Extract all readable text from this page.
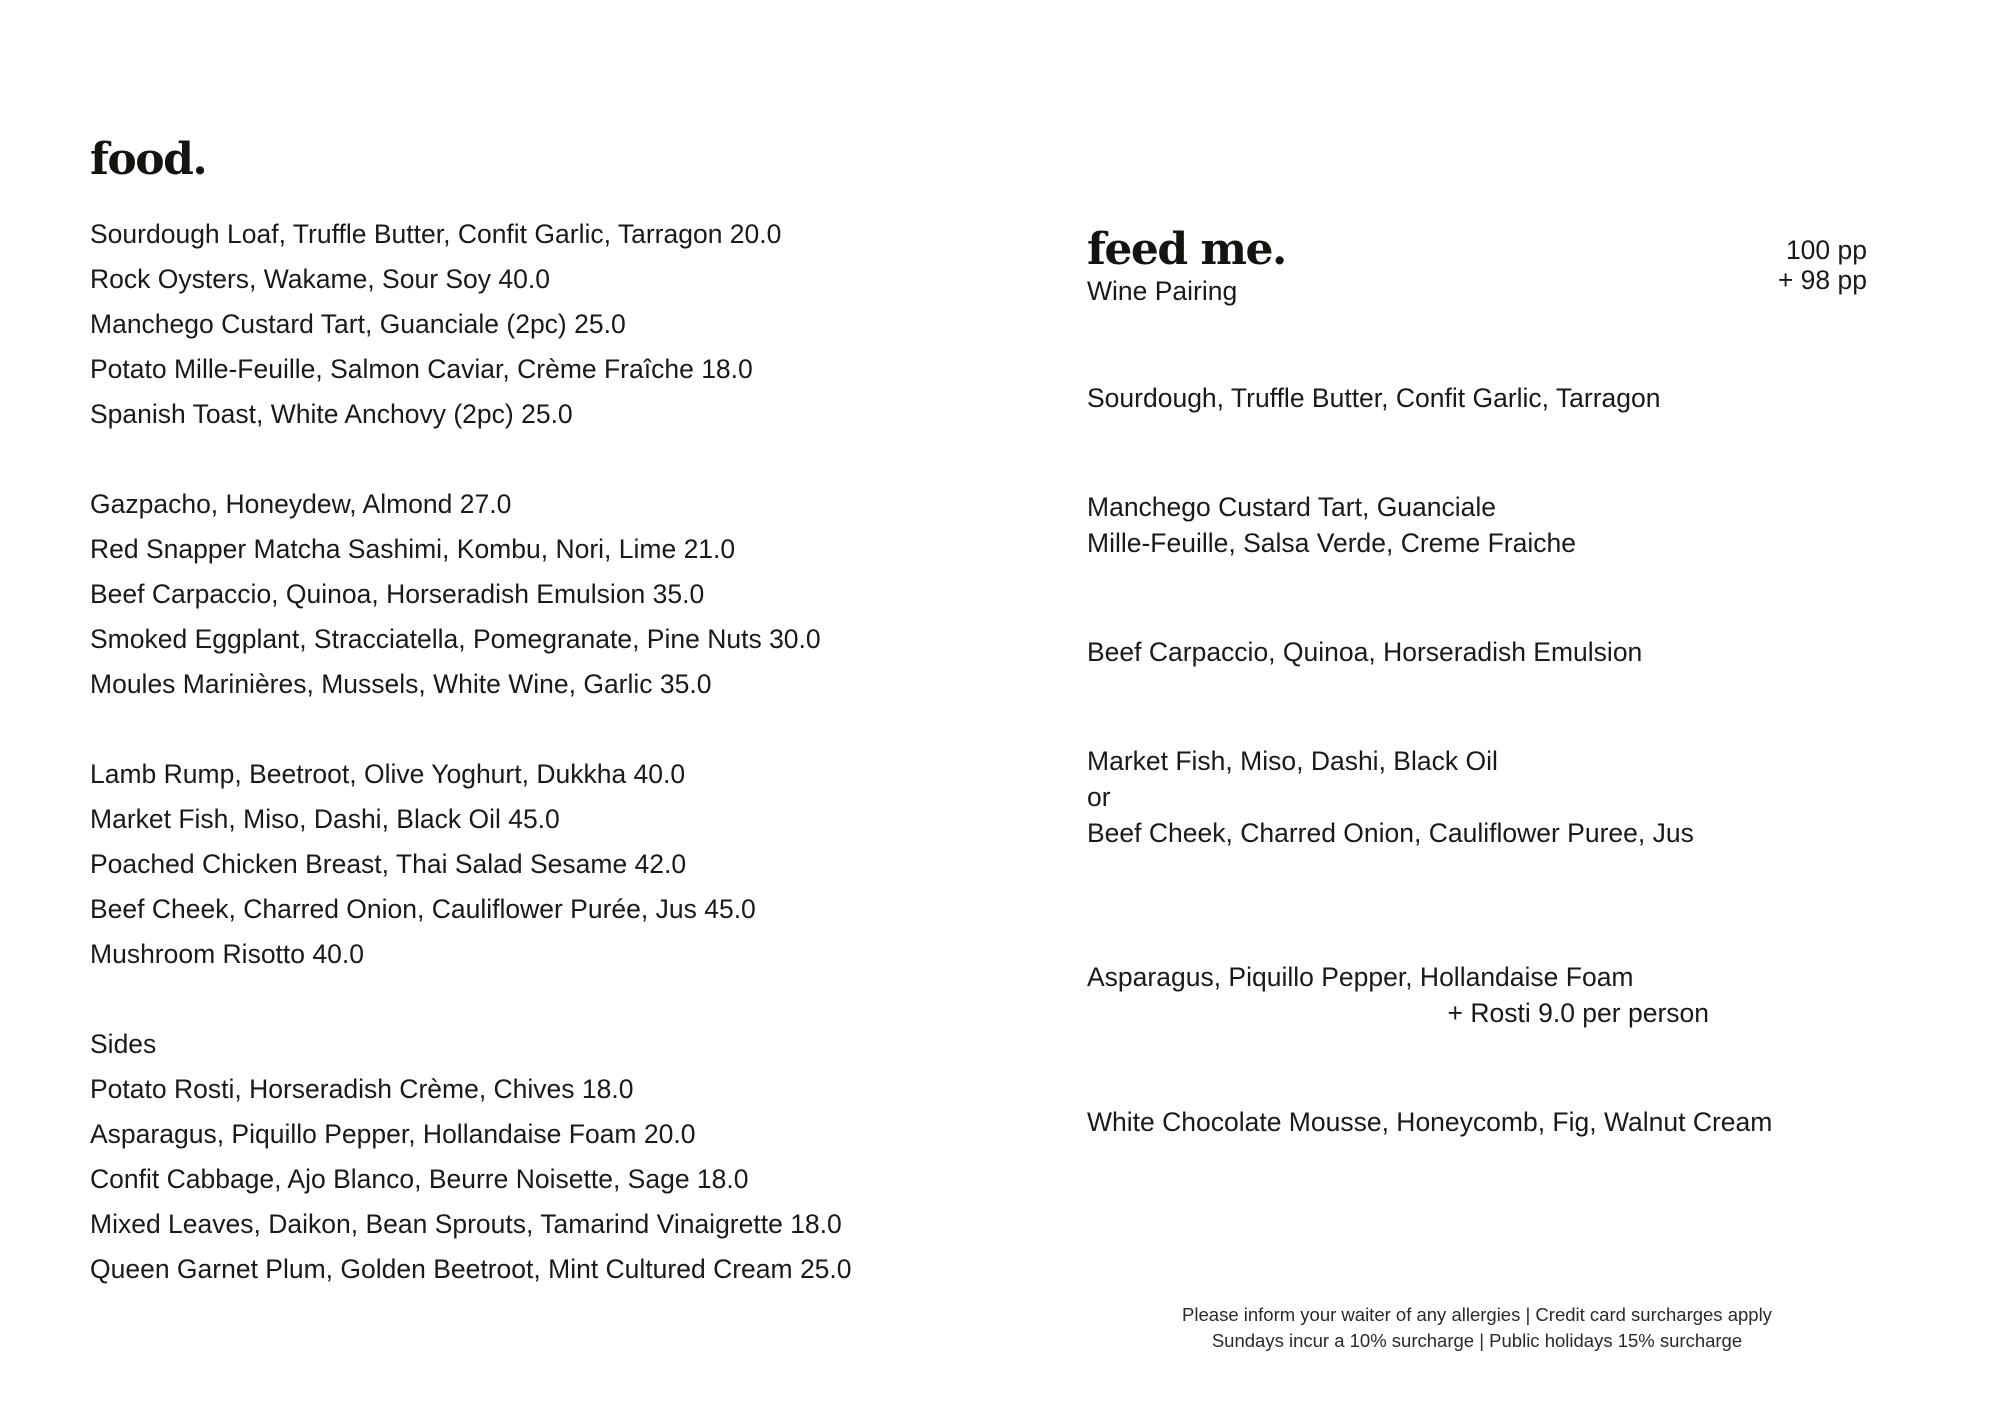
food.
Sourdough Loaf, Truffle Butter, Confit Garlic, Tarragon 20.0
Rock Oysters, Wakame, Sour Soy 40.0
Manchego Custard Tart, Guanciale (2pc) 25.0
Potato Mille-Feuille, Salmon Caviar, Crème Fraîche 18.0
Spanish Toast, White Anchovy (2pc) 25.0
Gazpacho, Honeydew, Almond 27.0
Red Snapper Matcha Sashimi, Kombu, Nori, Lime 21.0
Beef Carpaccio, Quinoa, Horseradish Emulsion 35.0
Smoked Eggplant, Stracciatella, Pomegranate, Pine Nuts 30.0
Moules Marinières, Mussels, White Wine, Garlic 35.0
Lamb Rump, Beetroot, Olive Yoghurt, Dukkha 40.0
Market Fish, Miso, Dashi, Black Oil 45.0
Poached Chicken Breast, Thai Salad Sesame 42.0
Beef Cheek, Charred Onion, Cauliflower Purée, Jus 45.0
Mushroom Risotto 40.0
Sides
Potato Rosti, Horseradish Crème, Chives 18.0
Asparagus, Piquillo Pepper, Hollandaise Foam 20.0
Confit Cabbage, Ajo Blanco, Beurre Noisette, Sage 18.0
Mixed Leaves, Daikon, Bean Sprouts, Tamarind Vinaigrette 18.0
Queen Garnet Plum, Golden Beetroot, Mint Cultured Cream 25.0
feed me.
Wine Pairing
100 pp
+ 98 pp
Sourdough, Truffle Butter, Confit Garlic, Tarragon
Manchego Custard Tart, Guanciale
Mille-Feuille, Salsa Verde, Creme Fraiche
Beef Carpaccio, Quinoa, Horseradish Emulsion
Market Fish, Miso, Dashi, Black Oil
or
Beef Cheek, Charred Onion, Cauliflower Puree, Jus
Asparagus, Piquillo Pepper, Hollandaise Foam
+ Rosti 9.0 per person
White Chocolate Mousse, Honeycomb, Fig, Walnut Cream
Please inform your waiter of any allergies | Credit card surcharges apply
Sundays incur a 10% surcharge | Public holidays 15% surcharge
